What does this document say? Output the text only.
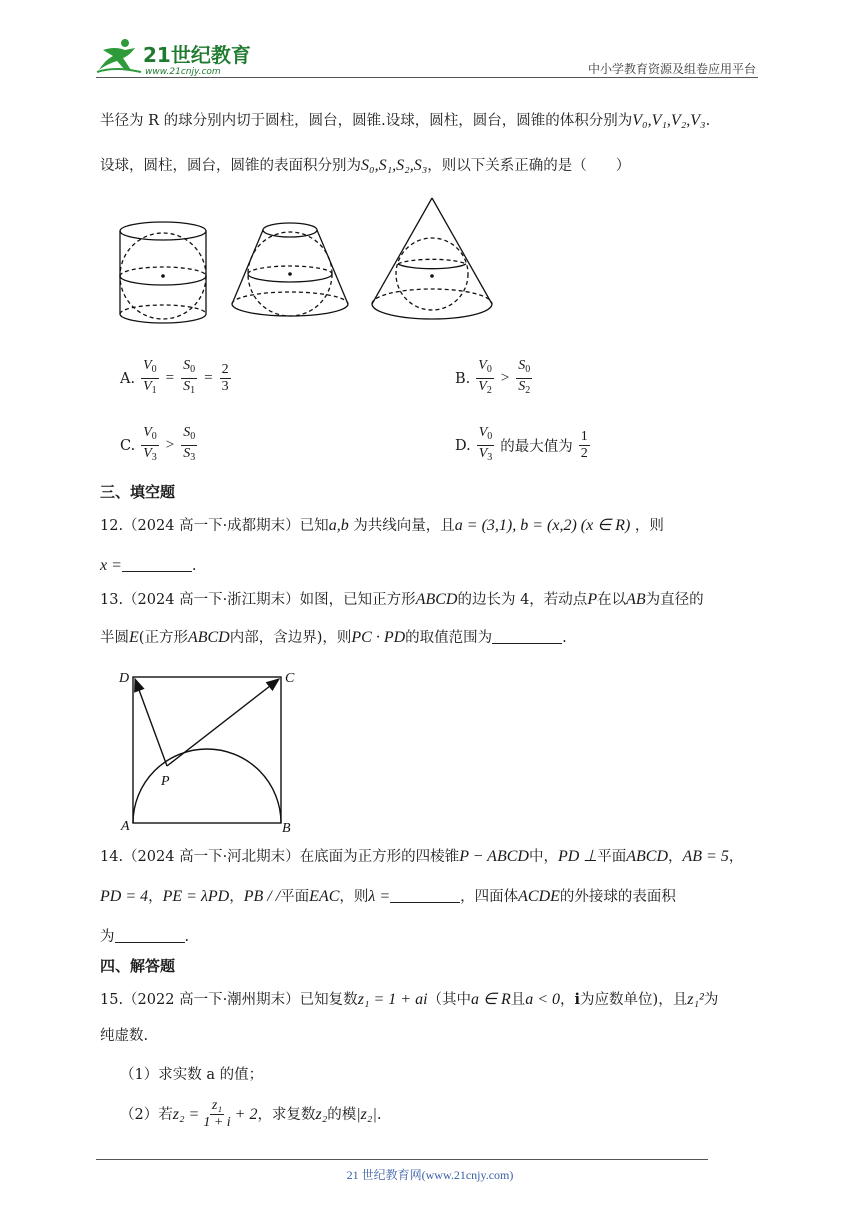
21世纪教育
www.21cnjy.com	中小学教育资源及组卷应用平台
半径为 R 的球分别内切于圆柱，圆台，圆锥.设球，圆柱，圆台，圆锥的体积分别为V₀,V₁,V₂,V₃.
设球，圆柱，圆台，圆锥的表面积分别为S₀,S₁,S₂,S₃，则以下关系正确的是（　　）
A. $\frac{V_0}{V_1} = \frac{S_0}{S_1} = \frac{2}{3}$	B. $\frac{V_0}{V_2} > \frac{S_0}{S_2}$
C. $\frac{V_0}{V_3} > \frac{S_0}{S_3}$	D. $\frac{V_0}{V_3}$ 的最大值为 $\frac{1}{2}$
三、填空题
12.（2024 高一下·成都期末）已知a,b 为共线向量，且a = (3,1), b = (x,2) (x ∈ R) ，则
x =	.
13.（2024 高一下·浙江期末）如图，已知正方形ABCD的边长为 4，若动点P在以AB为直径的
半圆E(正方形ABCD内部，含边界)，则PC · PD的取值范围为	.
D	C
P
A	B
14.（2024 高一下·河北期末）在底面为正方形的四棱锥P − ABCD中，PD ⊥平面ABCD，AB = 5，
PD = 4，PE = λPD，PB / /平面EAC，则λ =	，四面体ACDE的外接球的表面积
为	.
四、解答题
15.（2022 高一下·潮州期末）已知复数z₁ = 1 + ai（其中a ∈ R且a < 0，i为应数单位)，且z₁²为
纯虚数.
（1）求实数 a 的值；
（2）若 $z_2 = \frac{\text{z₁}}{1 + i} + 2$ ，求复数 z₂ 的模 |z₂| .
21 世纪教育网(www.21cnjy.com)
